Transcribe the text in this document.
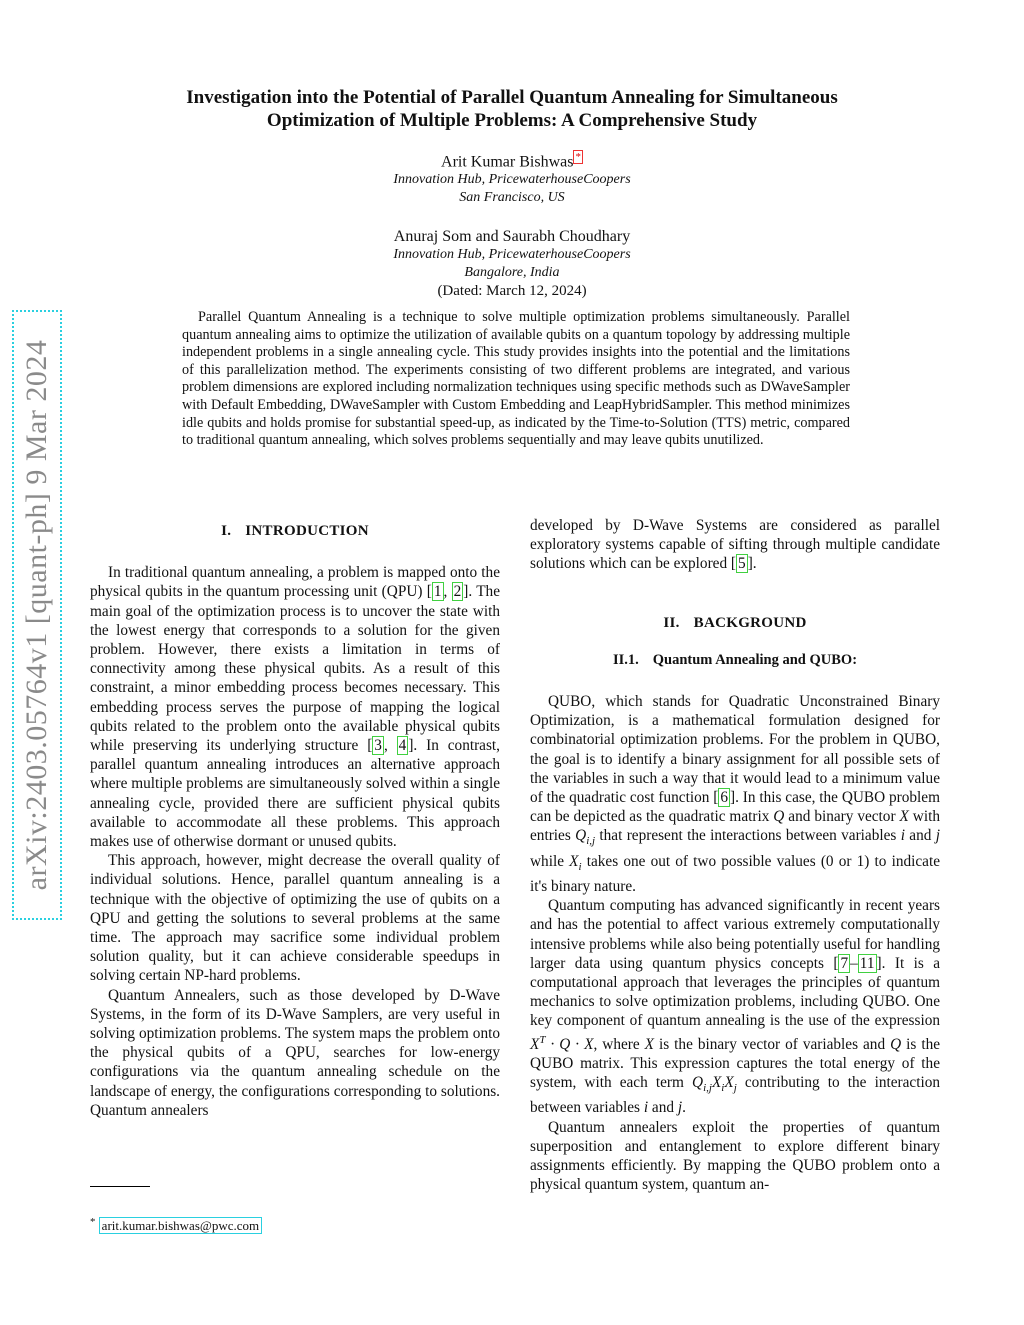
arXiv:2403.05764v1 [quant-ph] 9 Mar 2024
Investigation into the Potential of Parallel Quantum Annealing for Simultaneous
Optimization of Multiple Problems: A Comprehensive Study
Arit Kumar Bishwas *
Innovation Hub, PricewaterhouseCoopers
San Francisco, US
Anuraj Som and Saurabh Choudhary
Innovation Hub, PricewaterhouseCoopers
Bangalore, India
(Dated: March 12, 2024)

Parallel Quantum Annealing is a technique to solve multiple optimization problems simultaneously. Parallel quantum annealing aims to optimize the utilization of available qubits on a quantum topology by addressing multiple independent problems in a single annealing cycle. This study provides insights into the potential and the limitations of this parallelization method. The experiments consisting of two different problems are integrated, and various problem dimensions are explored including normalization techniques using specific methods such as DWaveSampler with Default Embedding, DWaveSampler with Custom Embedding and LeapHybridSampler. This method minimizes idle qubits and holds promise for substantial speed-up, as indicated by the Time-to-Solution (TTS) metric, compared to traditional quantum annealing, which solves problems sequentially and may leave qubits unutilized.

I. INTRODUCTION

In traditional quantum annealing, a problem is mapped onto the physical qubits in the quantum processing unit (QPU) [ 1 , 2 ]. The main goal of the optimization process is to uncover the state with the lowest energy that corresponds to a solution for the given problem. However, there exists a limitation in terms of connectivity among these physical qubits. As a result of this constraint, a minor embedding process becomes necessary. This embedding process serves the purpose of mapping the logical qubits related to the problem onto the available physical qubits while preserving its underlying structure [ 3 , 4 ]. In contrast, parallel quantum annealing introduces an alternative approach where multiple problems are simultaneously solved within a single annealing cycle, provided there are sufficient physical qubits available to accommodate all these problems. This approach makes use of otherwise dormant or unused qubits.

This approach, however, might decrease the overall quality of individual solutions. Hence, parallel quantum annealing is a technique with the objective of optimizing the use of qubits on a QPU and getting the solutions to several problems at the same time. The approach may sacrifice some individual problem solution quality, but it can achieve considerable speedups in solving certain NP-hard problems.

Quantum Annealers, such as those developed by D-Wave Systems, in the form of its D-Wave Samplers, are very useful in solving optimization problems. The system maps the problem onto the physical qubits of a QPU, searches for low-energy configurations via the quantum annealing schedule on the landscape of energy, the configurations corresponding to solutions. Quantum annealers

developed by D-Wave Systems are considered as parallel exploratory systems capable of sifting through multiple candidate solutions which can be explored [ 5 ].

II. BACKGROUND
II.1. Quantum Annealing and QUBO:

QUBO, which stands for Quadratic Unconstrained Binary Optimization, is a mathematical formulation designed for combinatorial optimization problems. For the problem in QUBO, the goal is to identify a binary assignment for all possible sets of the variables in such a way that it would lead to a minimum value of the quadratic cost function [ 6 ]. In this case, the QUBO problem can be depicted as the quadratic matrix Q and binary vector X with entries $Q_{i,j}$ that represent the interactions between variables i and j while $X_i$ takes one out of two possible values (0 or 1) to indicate it's binary nature.

Quantum computing has advanced significantly in recent years and has the potential to affect various extremely computationally intensive problems while also being potentially useful for handling larger data using quantum physics concepts [ 7 – 11 ]. It is a computational approach that leverages the principles of quantum mechanics to solve optimization problems, including QUBO. One key component of quantum annealing is the use of the expression $X^T \cdot Q \cdot X$, where X is the binary vector of variables and Q is the QUBO matrix. This expression captures the total energy of the system, with each term $Q_{i,j}X_iX_j$ contributing to the interaction between variables i and j.

Quantum annealers exploit the properties of quantum superposition and entanglement to explore different binary assignments efficiently. By mapping the QUBO problem onto a physical quantum system, quantum an-

* arit.kumar.bishwas@pwc.com
